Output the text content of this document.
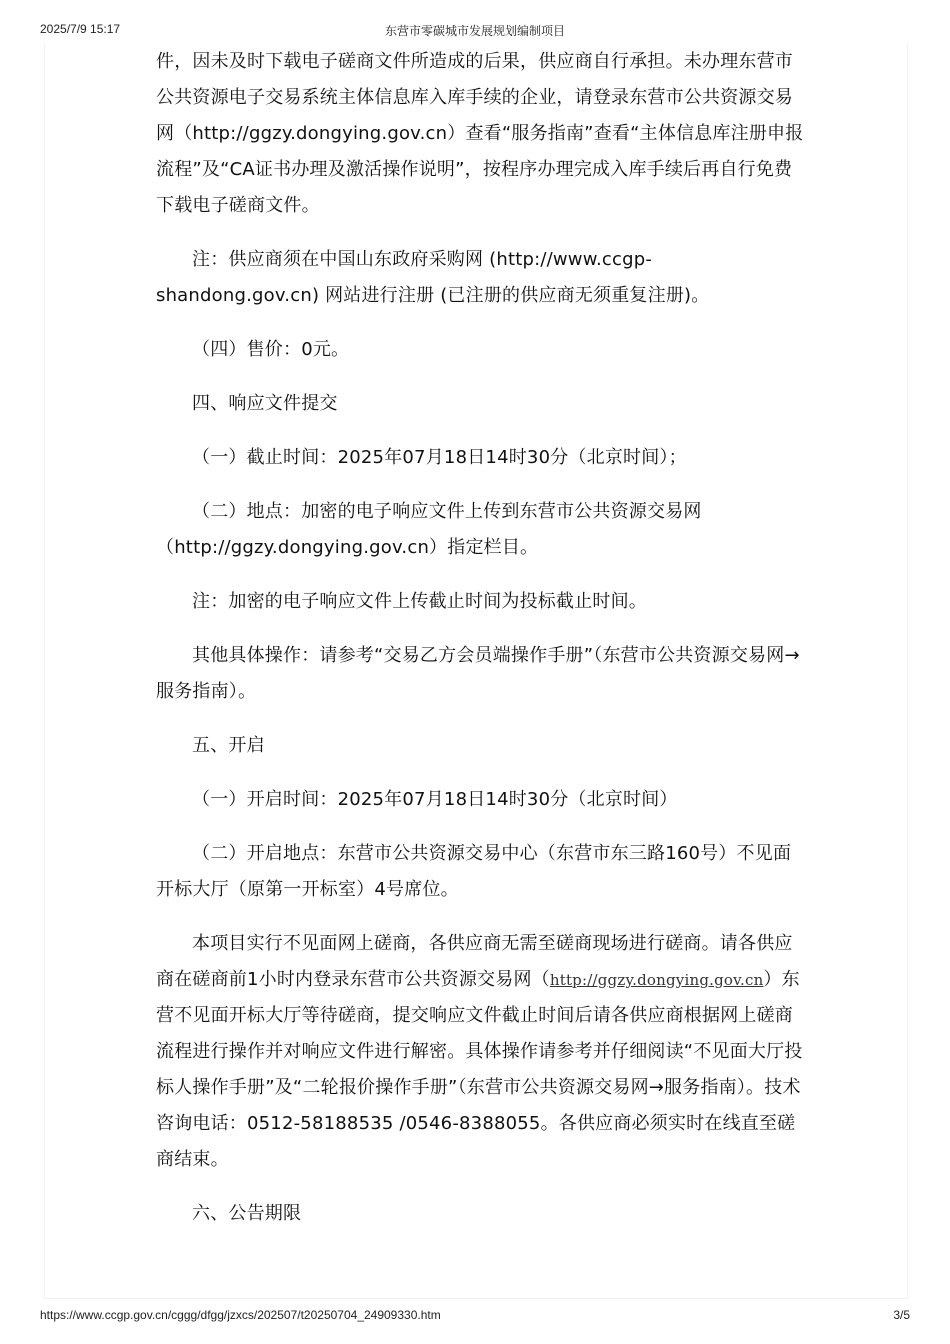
2025/7/9 15:17	东营市零碳城市发展规划编制项目

件，因未及时下载电子磋商文件所造成的后果，供应商自行承担。未办理东营市公共资源电子交易系统主体信息库入库手续的企业，请登录东营市公共资源交易网（http://ggzy.dongying.gov.cn）查看“服务指南”查看“主体信息库注册申报流程”及“CA证书办理及激活操作说明”，按程序办理完成入库手续后再自行免费下载电子磋商文件。

注：供应商须在中国山东政府采购网 (http://www.ccgp-shandong.gov.cn) 网站进行注册 (已注册的供应商无须重复注册)。

（四）售价：0元。

四、响应文件提交

（一）截止时间：2025年07月18日14时30分（北京时间）；

（二）地点：加密的电子响应文件上传到东营市公共资源交易网（http://ggzy.dongying.gov.cn）指定栏目。

注：加密的电子响应文件上传截止时间为投标截止时间。

其他具体操作：请参考“交易乙方会员端操作手册”（东营市公共资源交易网→服务指南）。

五、开启

（一）开启时间：2025年07月18日14时30分（北京时间）

（二）开启地点：东营市公共资源交易中心（东营市东三路160号）不见面开标大厅（原第一开标室）4号席位。

本项目实行不见面网上磋商，各供应商无需至磋商现场进行磋商。请各供应商在磋商前1小时内登录东营市公共资源交易网（http://ggzy.dongying.gov.cn）东营不见面开标大厅等待磋商，提交响应文件截止时间后请各供应商根据网上磋商流程进行操作并对响应文件进行解密。具体操作请参考并仔细阅读“不见面大厅投标人操作手册”及“二轮报价操作手册”（东营市公共资源交易网→服务指南）。技术咨询电话：0512-58188535 /0546-8388055。各供应商必须实时在线直至磋商结束。

六、公告期限

https://www.ccgp.gov.cn/cggg/dfgg/jzxcs/202507/t20250704_24909330.htm	3/5
